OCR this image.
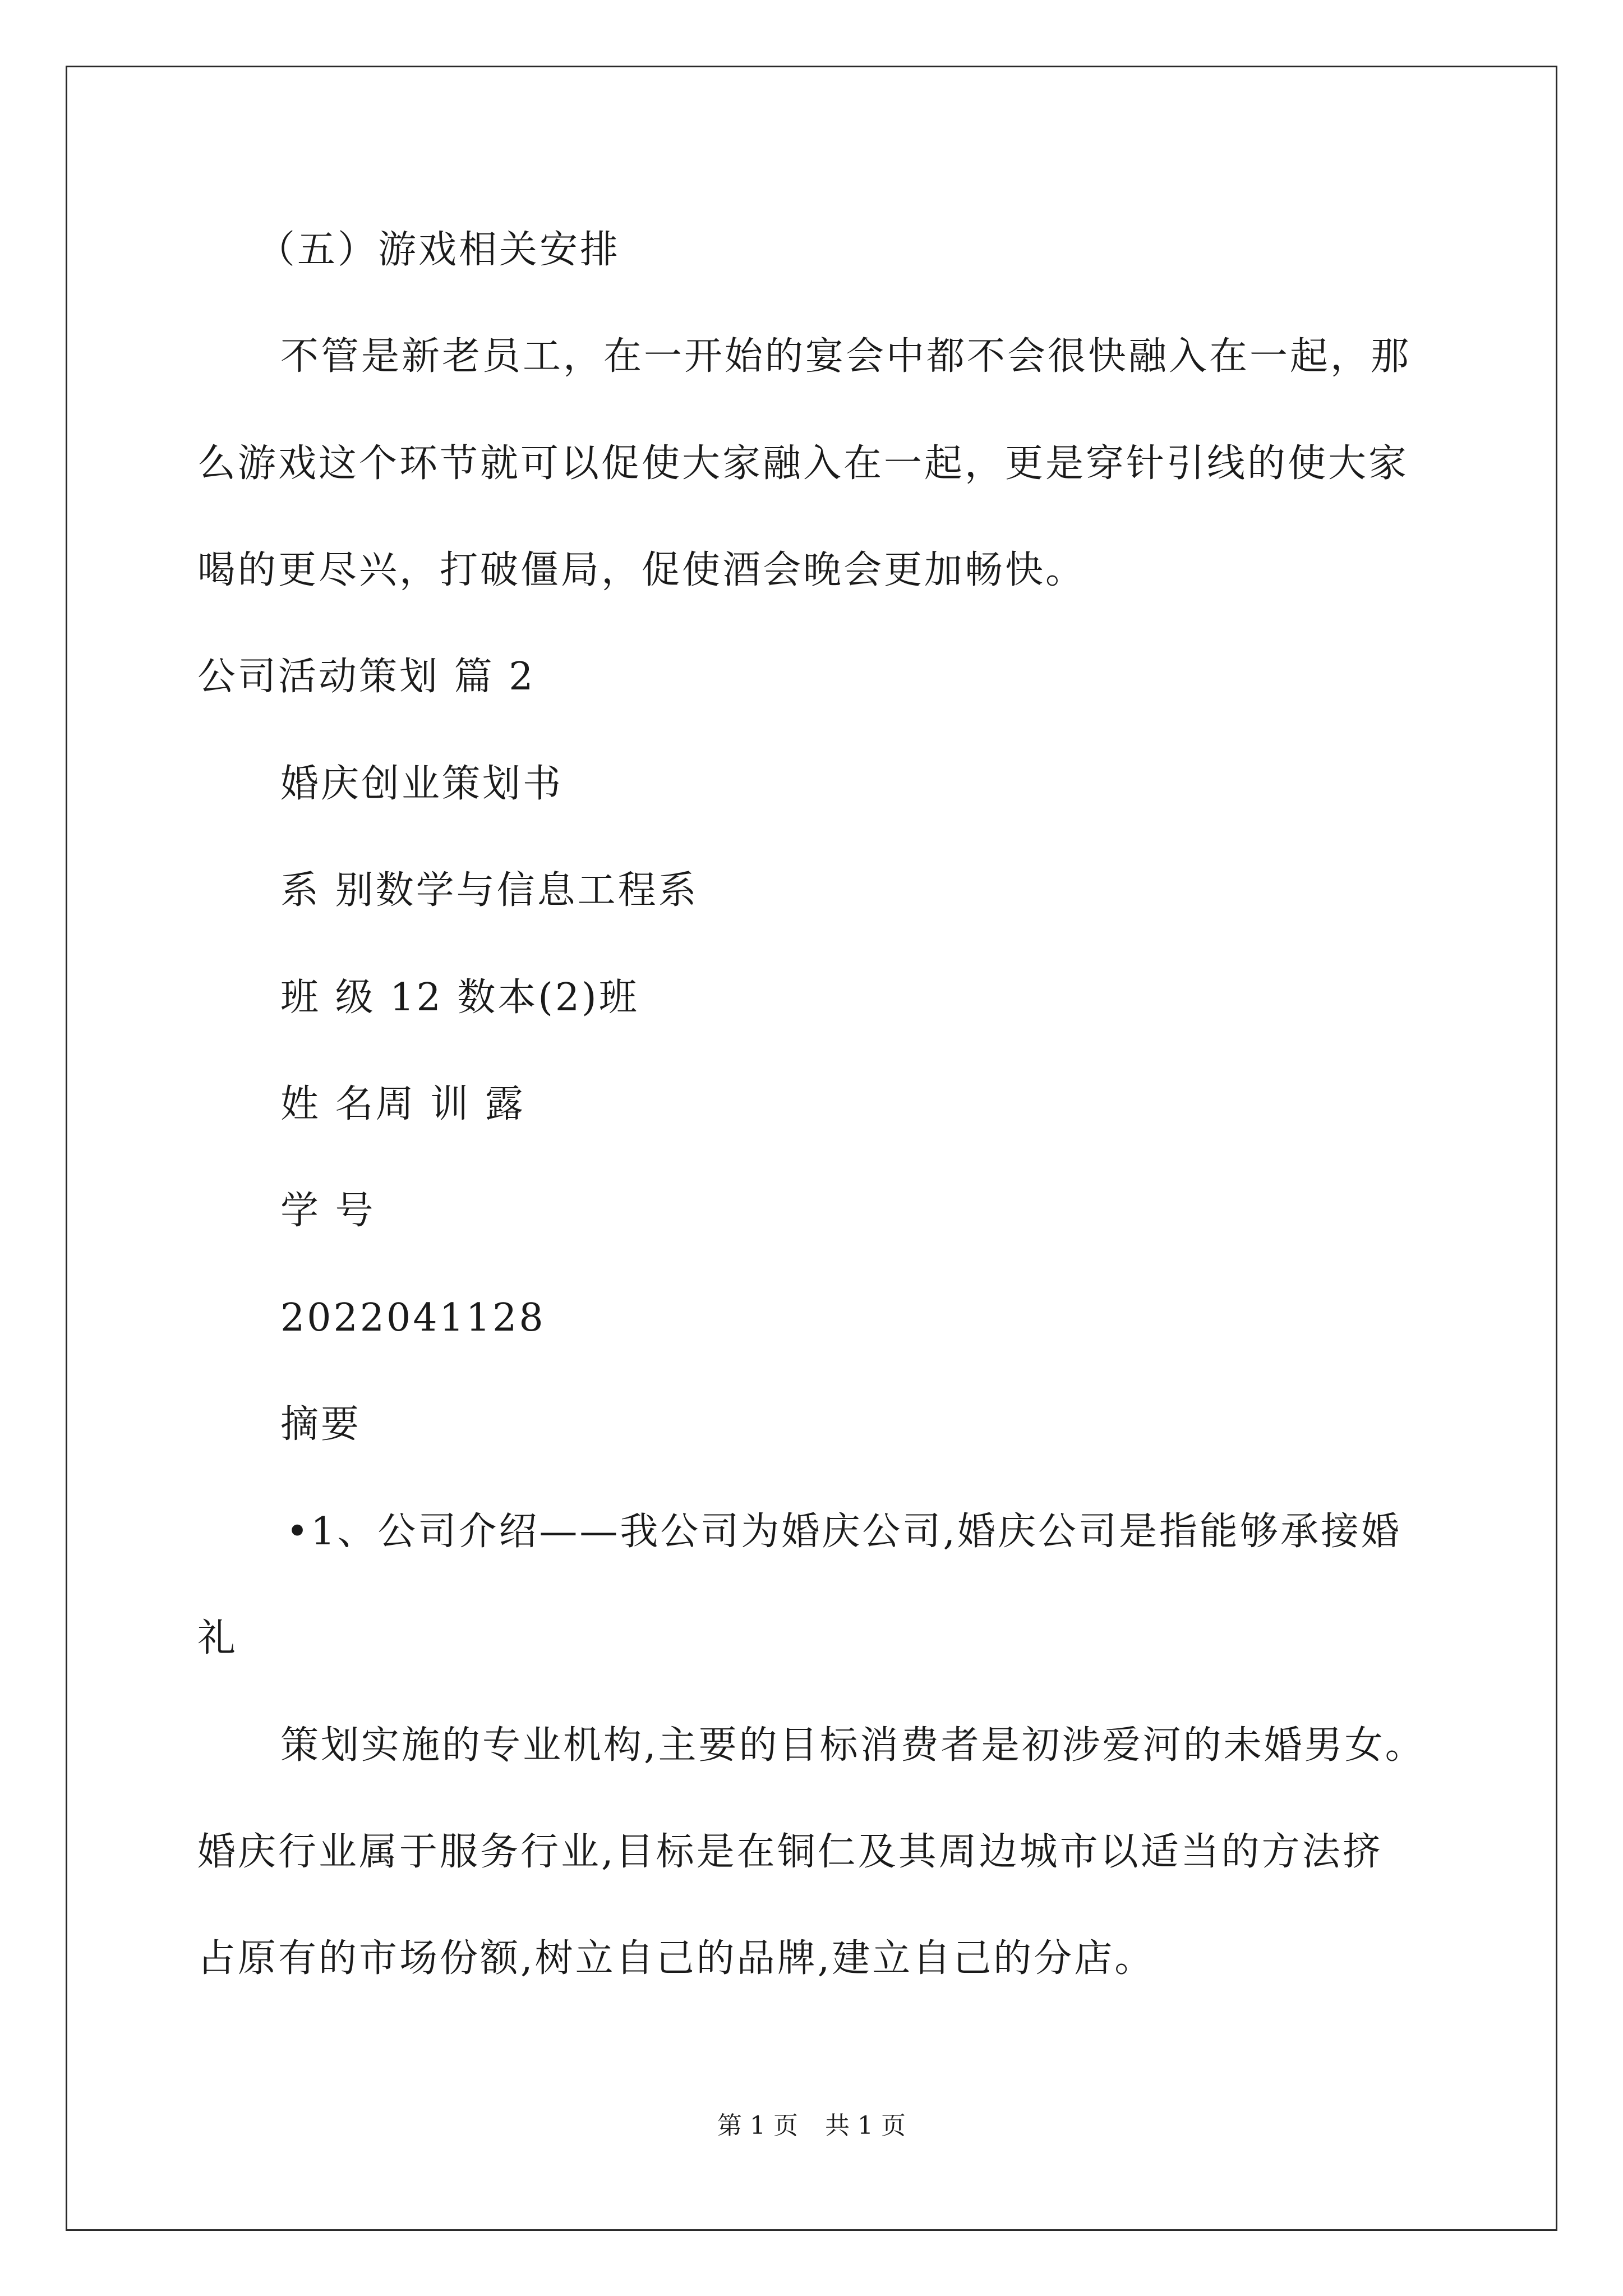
（五）游戏相关安排
不管是新老员工，在一开始的宴会中都不会很快融入在一起，那
么游戏这个环节就可以促使大家融入在一起，更是穿针引线的使大家
喝的更尽兴，打破僵局，促使酒会晚会更加畅快。
公司活动策划 篇 2
婚庆创业策划书
系 别数学与信息工程系
班 级 12 数本(2)班
姓 名周 训 露
学 号
2022041128
摘要
•1、公司介绍——我公司为婚庆公司,婚庆公司是指能够承接婚
礼
策划实施的专业机构,主要的目标消费者是初涉爱河的未婚男女。
婚庆行业属于服务行业,目标是在铜仁及其周边城市以适当的方法挤
占原有的市场份额,树立自己的品牌,建立自己的分店。
第 1 页 共 1 页
